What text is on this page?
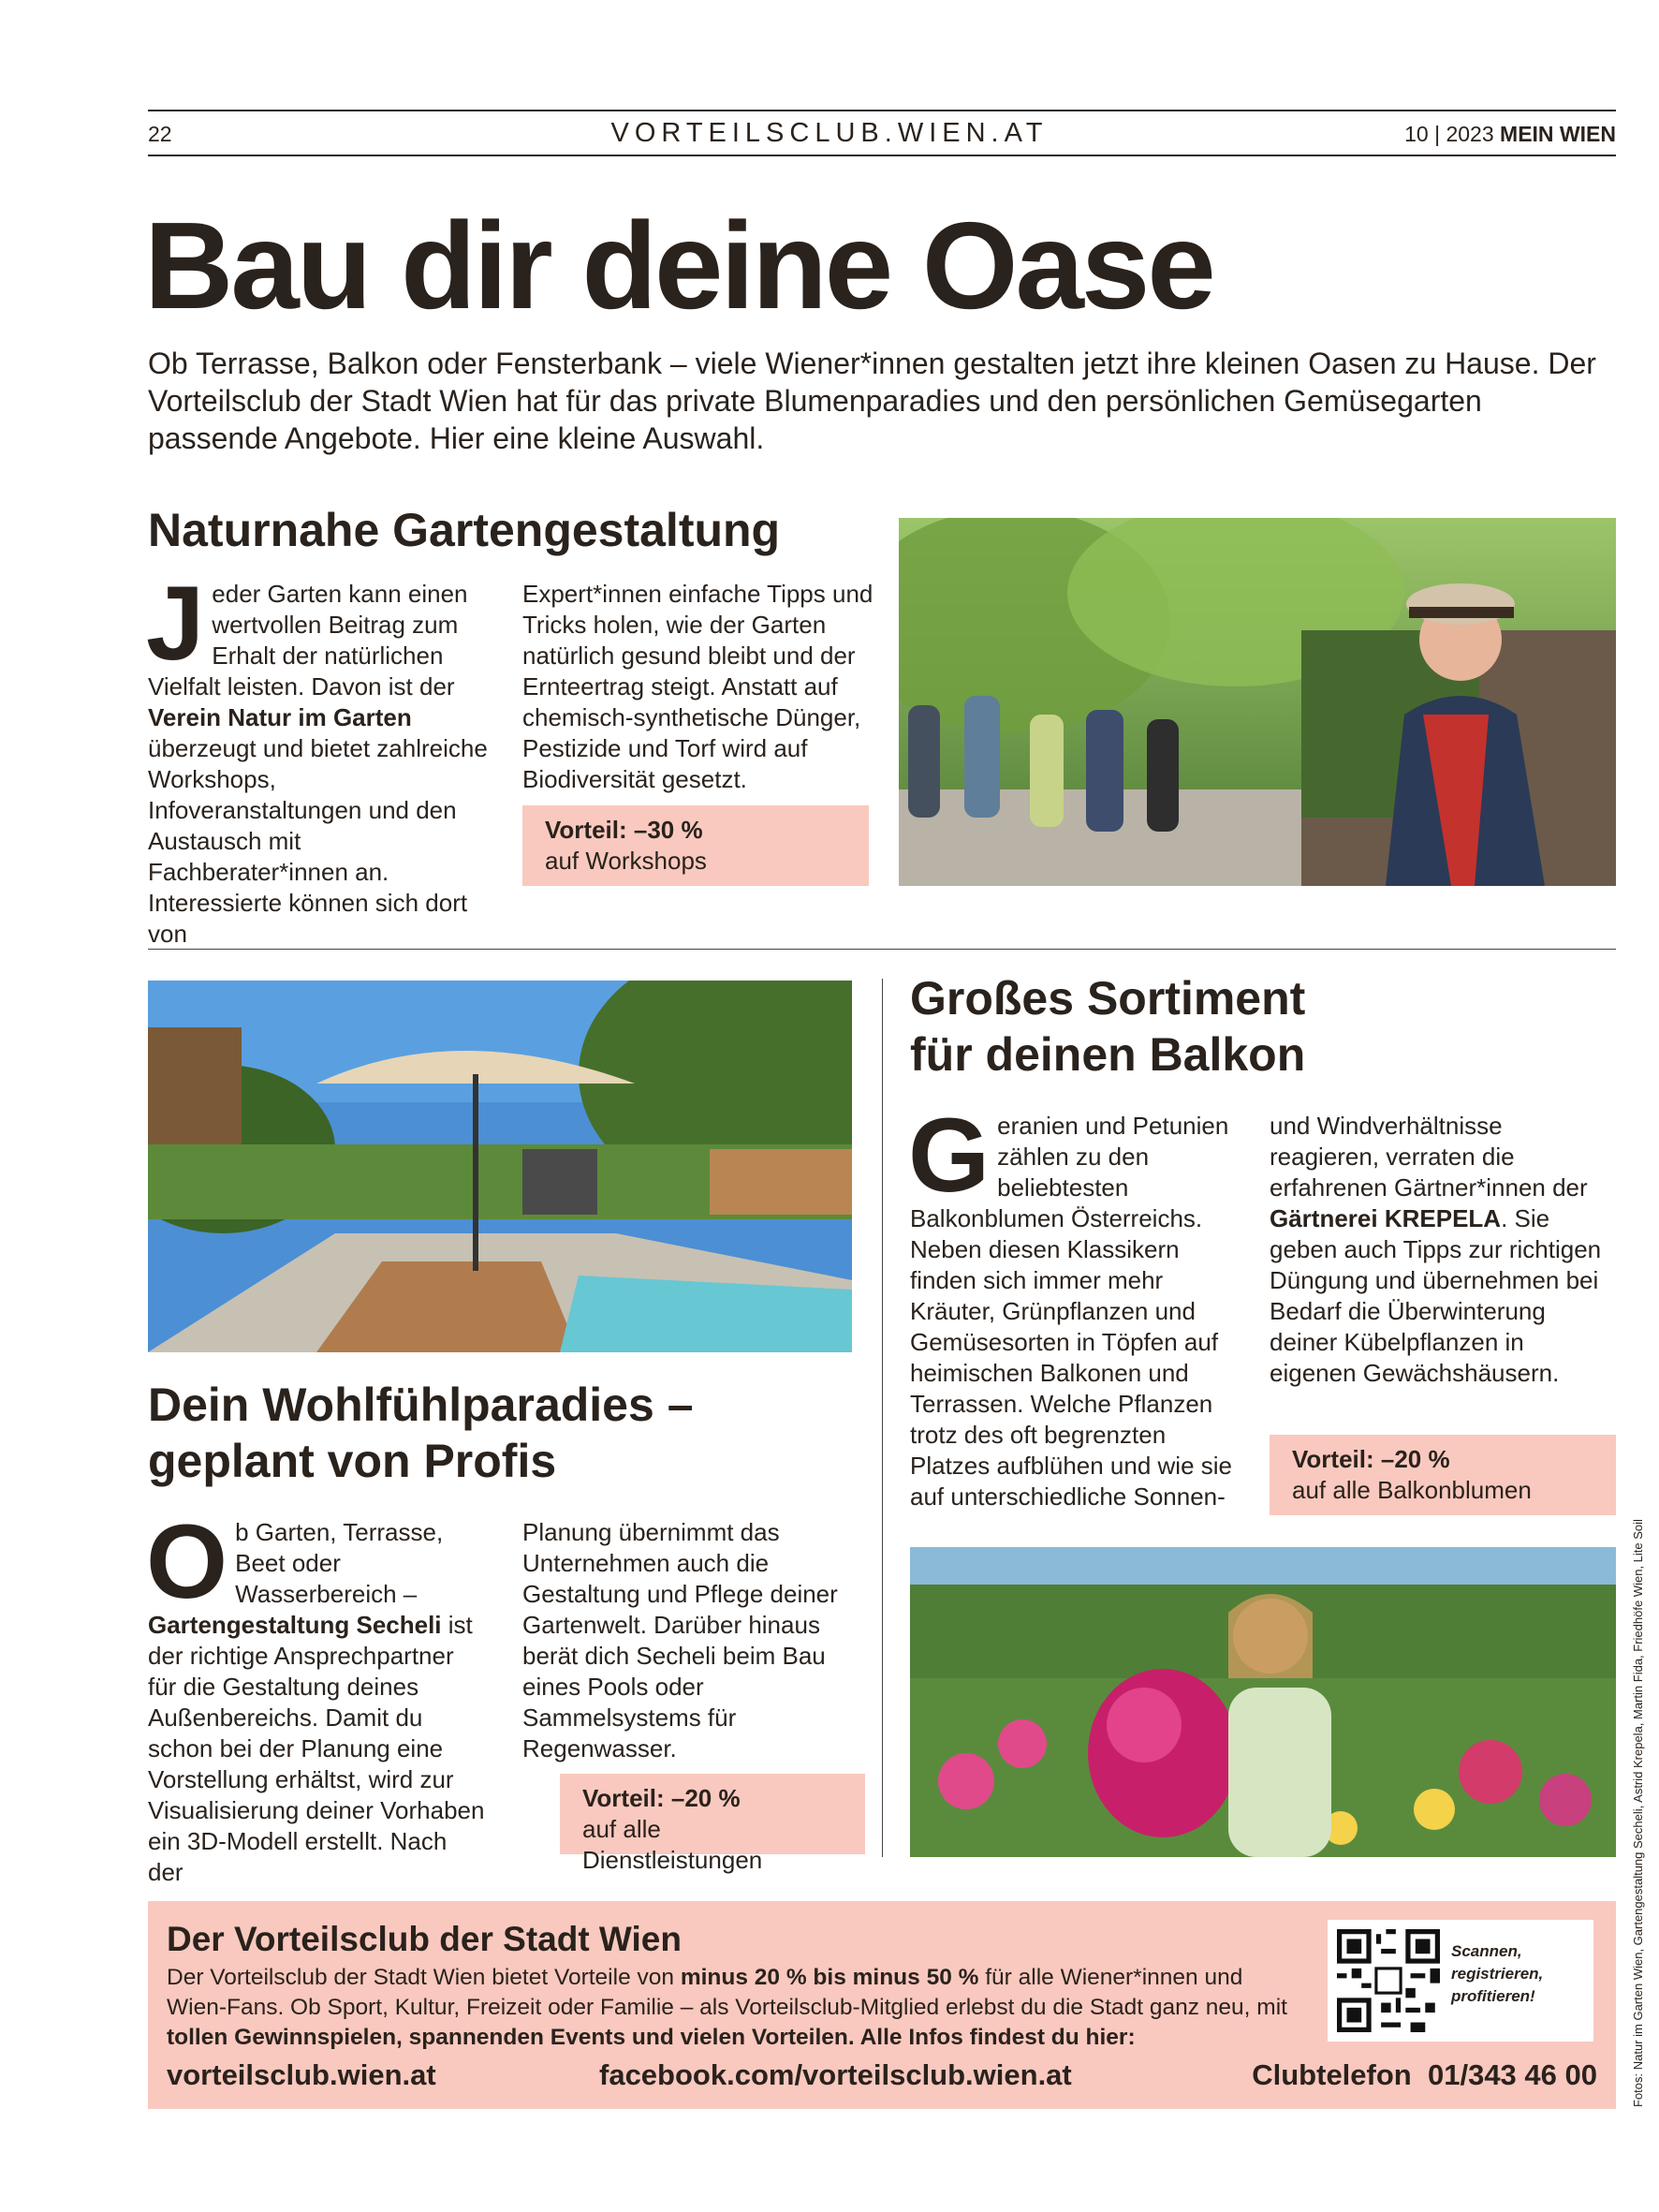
22	VORTEILSCLUB.WIEN.AT	10 | 2023 MEIN WIEN
Bau dir deine Oase
Ob Terrasse, Balkon oder Fensterbank – viele Wiener*innen gestalten jetzt ihre kleinen Oasen zu Hause. Der Vorteilsclub der Stadt Wien hat für das private Blumenparadies und den persönlichen Gemüsegarten passende Angebote. Hier eine kleine Auswahl.
Naturnahe Gartengestaltung
Jeder Garten kann einen wertvollen Beitrag zum Erhalt der natürlichen Vielfalt leisten. Davon ist der Verein Natur im Garten überzeugt und bietet zahlreiche Workshops, Infoveranstaltungen und den Austausch mit Fachberater*innen an. Interessierte können sich dort von
Expert*innen einfache Tipps und Tricks holen, wie der Garten natürlich gesund bleibt und der Ernteertrag steigt. Anstatt auf chemisch-synthetische Dünger, Pestizide und Torf wird auf Biodiversität gesetzt.
Vorteil: –30 %
auf Workshops
Dein Wohlfühlparadies –
geplant von Profis
Ob Garten, Terrasse, Beet oder Wasserbereich – Gartengestaltung Secheli ist der richtige Ansprechpartner für die Gestaltung deines Außenbereichs. Damit du schon bei der Planung eine Vorstellung erhältst, wird zur Visualisierung deiner Vorhaben ein 3D-Modell erstellt. Nach der
Planung übernimmt das Unternehmen auch die Gestaltung und Pflege deiner Gartenwelt. Darüber hinaus berät dich Secheli beim Bau eines Pools oder Sammelsystems für Regenwasser.
Vorteil: –20 %
auf alle Dienstleistungen
Großes Sortiment
für deinen Balkon
Geranien und Petunien zählen zu den beliebtesten Balkonblumen Österreichs. Neben diesen Klassikern finden sich immer mehr Kräuter, Grünpflanzen und Gemüsesorten in Töpfen auf heimischen Balkonen und Terrassen. Welche Pflanzen trotz des oft begrenzten Platzes aufblühen und wie sie auf unterschiedliche Sonnen-
und Windverhältnisse reagieren, verraten die erfahrenen Gärtner*innen der Gärtnerei KREPELA. Sie geben auch Tipps zur richtigen Düngung und übernehmen bei Bedarf die Überwinterung deiner Kübelpflanzen in eigenen Gewächshäusern.
Vorteil: –20 %
auf alle Balkonblumen
Der Vorteilsclub der Stadt Wien
Der Vorteilsclub der Stadt Wien bietet Vorteile von minus 20 % bis minus 50 % für alle Wiener*innen und Wien-Fans. Ob Sport, Kultur, Freizeit oder Familie – als Vorteilsclub-Mitglied erlebst du die Stadt ganz neu, mit tollen Gewinnspielen, spannenden Events und vielen Vorteilen. Alle Infos findest du hier:
vorteilsclub.wien.at	facebook.com/vorteilsclub.wien.at	Clubtelefon 01/343 46 00
Scannen,
registrieren,
profitieren!	Fotos: Natur im Garten Wien, Gartengestaltung Secheli, Astrid Krepela, Martin Fida, Friedhöfe Wien, Lite Soil
